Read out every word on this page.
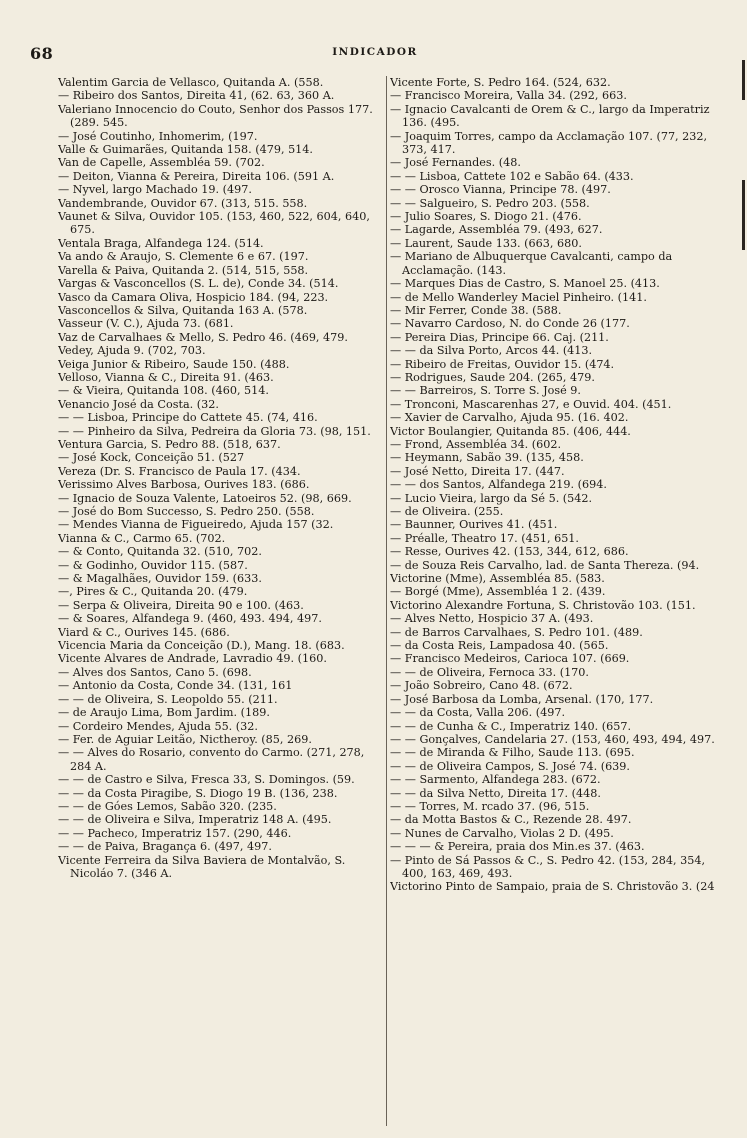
68	INDICADOR

Valentim Garcia de Vellasco, Quitanda A. (558.

— Ribeiro dos Santos, Direita 41, (62. 63, 360 A.

Valeriano Innocencio do Couto, Senhor dos Passos 177. (289. 545.

— José Coutinho, Inhomerim, (197.

Valle & Guimarães, Quitanda 158. (479, 514.

Van de Capelle, Assembléa 59. (702.

— Deiton, Vianna & Pereira, Direita 106. (591 A.

— Nyvel, largo Machado 19. (497.

Vandembrande, Ouvidor 67. (313, 515. 558.

Vaunet & Silva, Ouvidor 105. (153, 460, 522, 604, 640, 675.

Ventala Braga, Alfandega 124. (514.

Va ando & Araujo, S. Clemente 6 e 67. (197.

Varella & Paiva, Quitanda 2. (514, 515, 558.

Vargas & Vasconcellos (S. L. de), Conde 34. (514.

Vasco da Camara Oliva, Hospicio 184. (94, 223.

Vasconcellos & Silva, Quitanda 163 A. (578.

Vasseur (V. C.), Ajuda 73. (681.

Vaz de Carvalhaes & Mello, S. Pedro 46. (469, 479.

Vedey, Ajuda 9. (702, 703.

Veiga Junior & Ribeiro, Saude 150. (488.

Velloso, Vianna & C., Direita 91. (463.

— & Vieira, Quitanda 108. (460, 514.

Venancio José da Costa. (32.

— — Lisboa, Principe do Cattete 45. (74, 416.

— — Pinheiro da Silva, Pedreira da Gloria 73. (98, 151.

Ventura Garcia, S. Pedro 88. (518, 637.

— José Kock, Conceição 51. (527

Vereza (Dr. S. Francisco de Paula 17. (434.

Verissimo Alves Barbosa, Ourives 183. (686.

— Ignacio de Souza Valente, Latoeiros 52. (98, 669.

— José do Bom Successo, S. Pedro 250. (558.

— Mendes Vianna de Figueiredo, Ajuda 157 (32.

Vianna & C., Carmo 65. (702.

— & Conto, Quitanda 32. (510, 702.

— & Godinho, Ouvidor 115. (587.

— & Magalhães, Ouvidor 159. (633.

—, Pires & C., Quitanda 20. (479.

— Serpa & Oliveira, Direita 90 e 100. (463.

— & Soares, Alfandega 9. (460, 493. 494, 497.

Viard & C., Ourives 145. (686.

Vicencia Maria da Conceição (D.), Mang. 18. (683.

Vicente Alvares de Andrade, Lavradio 49. (160.

— Alves dos Santos, Cano 5. (698.

— Antonio da Costa, Conde 34. (131, 161

— — de Oliveira, S. Leopoldo 55. (211.

— de Araujo Lima, Bom Jardim. (189.

— Cordeiro Mendes, Ajuda 55. (32.

— Fer. de Aguiar Leitão, Nictheroy. (85, 269.

— — Alves do Rosario, convento do Carmo. (271, 278, 284 A.

— — de Castro e Silva, Fresca 33, S. Domingos. (59.

— — da Costa Piragibe, S. Diogo 19 B. (136, 238.

— — de Góes Lemos, Sabão 320. (235.

— — de Oliveira e Silva, Imperatriz 148 A. (495.

— — Pacheco, Imperatriz 157. (290, 446.

— — de Paiva, Bragança 6. (497, 497.

Vicente Ferreira da Silva Baviera de Montalvão, S. Nicoláo 7. (346 A.

Vicente Forte, S. Pedro 164. (524, 632.

— Francisco Moreira, Valla 34. (292, 663.

— Ignacio Cavalcanti de Orem & C., largo da Imperatriz 136. (495.

— Joaquim Torres, campo da Acclamação 107. (77, 232, 373, 417.

— José Fernandes. (48.

— — Lisboa, Cattete 102 e Sabão 64. (433.

— — Orosco Vianna, Principe 78. (497.

— — Salgueiro, S. Pedro 203. (558.

— Julio Soares, S. Diogo 21. (476.

— Lagarde, Assembléa 79. (493, 627.

— Laurent, Saude 133. (663, 680.

— Mariano de Albuquerque Cavalcanti, campo da Acclamação. (143.

— Marques Dias de Castro, S. Manoel 25. (413.

— de Mello Wanderley Maciel Pinheiro. (141.

— Mir Ferrer, Conde 38. (588.

— Navarro Cardoso, N. do Conde 26 (177.

— Pereira Dias, Principe 66. Caj. (211.

— — da Silva Porto, Arcos 44. (413.

— Ribeiro de Freitas, Ouvidor 15. (474.

— Rodrigues, Saude 204. (265, 479.

— — Barreiros, S. Torre S. José 9.

— Tronconi, Mascarenhas 27, e Ouvid. 404. (451.

— Xavier de Carvalho, Ajuda 95. (16. 402.

Victor Boulangier, Quitanda 85. (406, 444.

— Frond, Assembléa 34. (602.

— Heymann, Sabão 39. (135, 458.

— José Netto, Direita 17. (447.

— — dos Santos, Alfandega 219. (694.

— Lucio Vieira, largo da Sé 5. (542.

— de Oliveira. (255.

— Baunner, Ourives 41. (451.

— Préalle, Theatro 17. (451, 651.

— Resse, Ourives 42. (153, 344, 612, 686.

— de Souza Reis Carvalho, lad. de Santa Thereza. (94.

Victorine (Mme), Assembléa 85. (583.

— Borgé (Mme), Assembléa 1 2. (439.

Victorino Alexandre Fortuna, S. Christovão 103. (151.

— Alves Netto, Hospicio 37 A. (493.

— de Barros Carvalhaes, S. Pedro 101. (489.

— da Costa Reis, Lampadosa 40. (565.

— Francisco Medeiros, Carioca 107. (669.

— — de Oliveira, Fernoca 33. (170.

— João Sobreiro, Cano 48. (672.

— José Barbosa da Lomba, Arsenal. (170, 177.

— — da Costa, Valla 206. (497.

— — de Cunha & C., Imperatriz 140. (657.

— — Gonçalves, Candelaria 27. (153, 460, 493, 494, 497.

— — de Miranda & Filho, Saude 113. (695.

— — de Oliveira Campos, S. José 74. (639.

— — Sarmento, Alfandega 283. (672.

— — da Silva Netto, Direita 17. (448.

— — Torres, M. rcado 37. (96, 515.

— da Motta Bastos & C., Rezende 28. 497.

— Nunes de Carvalho, Violas 2 D. (495.

— — — & Pereira, praia dos Min.es 37. (463.

— Pinto de Sá Passos & C., S. Pedro 42. (153, 284, 354, 400, 163, 469, 493.

Victorino Pinto de Sampaio, praia de S. Christovão 3. (24
